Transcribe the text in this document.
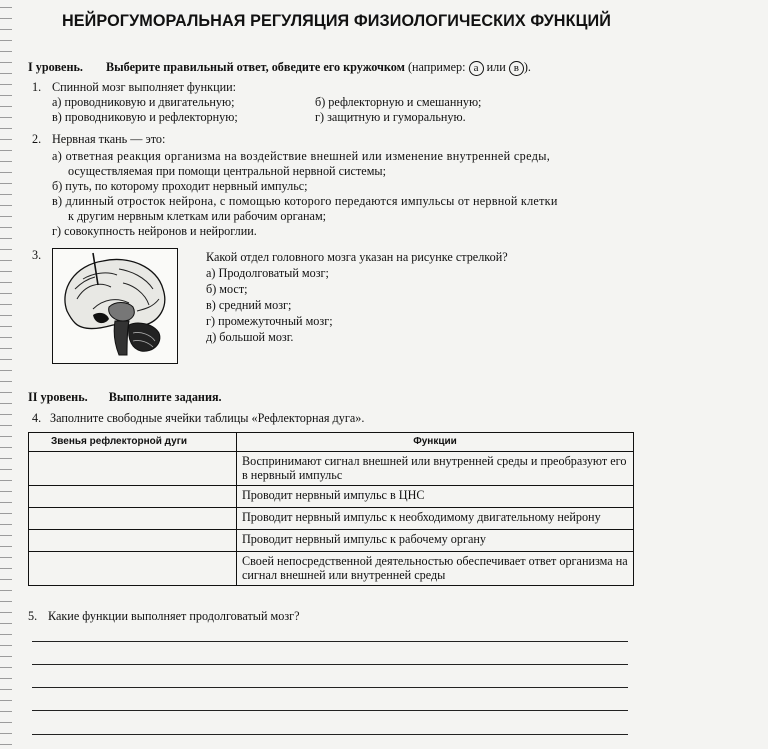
НЕЙРОГУМОРАЛЬНАЯ РЕГУЛЯЦИЯ ФИЗИОЛОГИЧЕСКИХ ФУНКЦИЙ
I уровень. Выберите правильный ответ, обведите его кружочком (например: а или в ).
1. Спинной мозг выполняет функции:
а) проводниковую и двигательную;	б) рефлекторную и смешанную;
в) проводниковую и рефлекторную;	г) защитную и гуморальную.
2. Нервная ткань — это:
а) ответная реакция организма на воздействие внешней или изменение внутренней среды,
осуществляемая при помощи центральной нервной системы;
б) путь, по которому проходит нервный импульс;
в) длинный отросток нейрона, с помощью которого передаются импульсы от нервной клетки
к другим нервным клеткам или рабочим органам;
г) совокупность нейронов и нейроглии.
3.	Какой отдел головного мозга указан на рисунке стрелкой?
а) Продолговатый мозг;
б) мост;
в) средний мозг;
г) промежуточный мозг;
д) большой мозг.
II уровень. Выполните задания.
4. Заполните свободные ячейки таблицы «Рефлекторная дуга».
Звенья рефлекторной дуги	Функции
	Воспринимают сигнал внешней или внутренней среды и преобразуют его в нервный импульс
	Проводит нервный импульс в ЦНС
	Проводит нервный импульс к необходимому двигательному нейрону
	Проводит нервный импульс к рабочему органу
	Своей непосредственной деятельностью обеспечивает ответ организма на сигнал внешней или внутренней среды
5. Какие функции выполняет продолговатый мозг?
